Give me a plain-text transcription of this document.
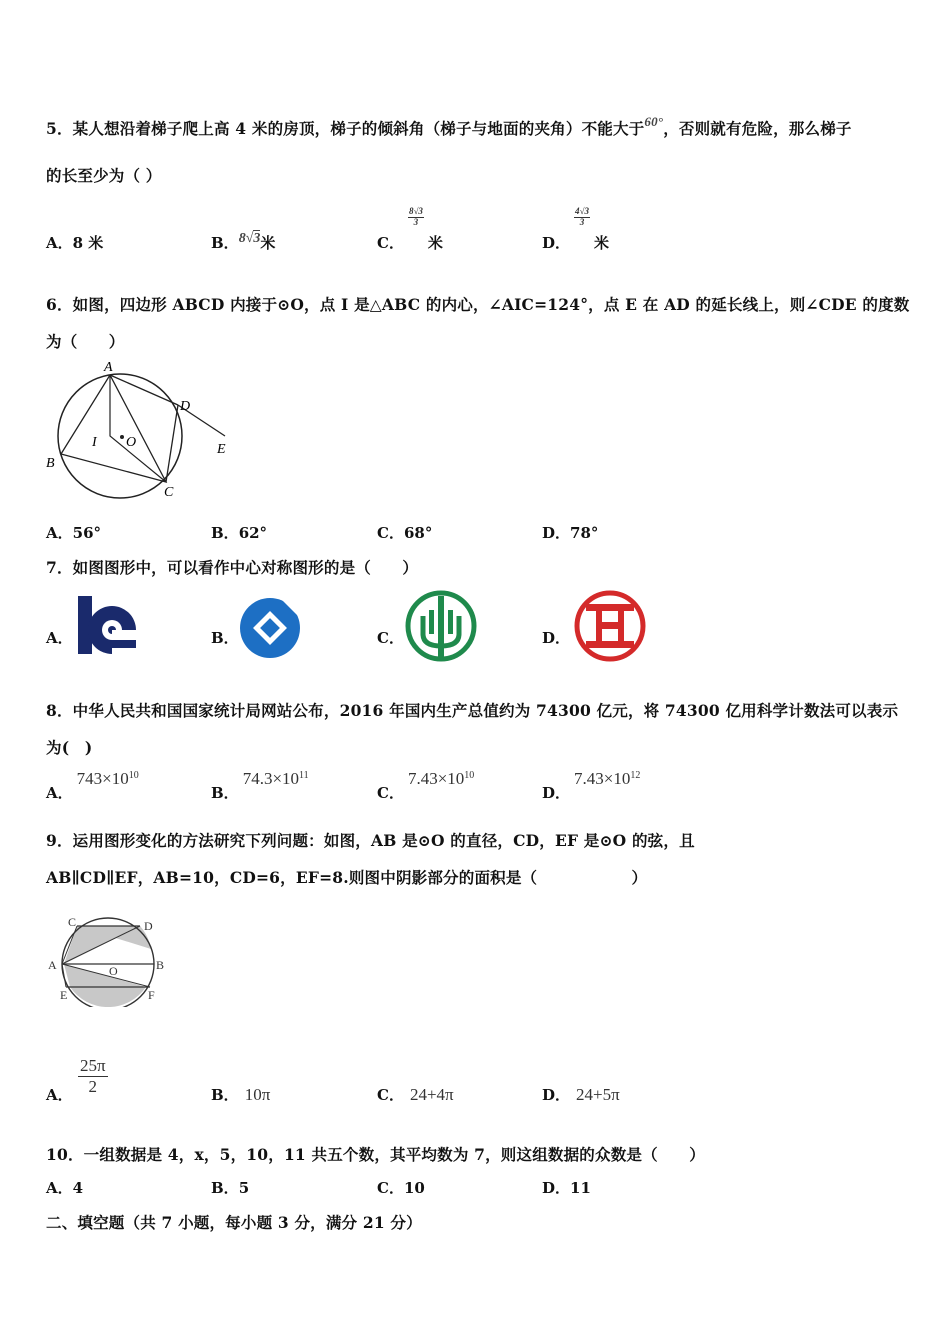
5．某人想沿着梯子爬上高 4 米的房顶，梯子的倾斜角（梯子与地面的夹角）不能大于$^{60^\circ}$，否则就有危险，那么梯子
的长至少为（ ）
A．8 米	B．8√3米	C．
$\frac{8√3}{3}$
米	D．
$\frac{4√3}{3}$
米
6．如图，四边形 ABCD 内接于⊙O，点 I 是△ABC 的内心，∠AIC=124°，点 E 在 AD 的延长线上，则∠CDE 的度数
为（　　）
A
B
C
D
E
I O
A．56°	B．62°	C．68°	D．78°
7．如图图形中，可以看作中心对称图形的是（　　）
A．	B．	C．	D．
8．中华人民共和国国家统计局网站公布，2016 年国内生产总值约为 74300 亿元，将 74300 亿用科学计数法可以表示
为(　)
A．$743\times 10^{10}$
B．$74.3\times 10^{11}$
C．$7.43\times 10^{10}$
D．$7.43\times 10^{12}$
9．运用图形变化的方法研究下列问题：如图，AB 是⊙O 的直径，CD，EF 是⊙O 的弦，且
AB∥CD∥EF，AB=10，CD=6，EF=8.则图中阴影部分的面积是（　　　　　　）
C	D
A	B
O
E	F
A．
25π
2	B． 10π	C． 24+4π	D． 24+5π
10．一组数据是 4，x，5，10，11 共五个数，其平均数为 7，则这组数据的众数是（　　）
A．4	B．5	C．10	D．11
二、填空题（共 7 小题，每小题 3 分，满分 21 分）
